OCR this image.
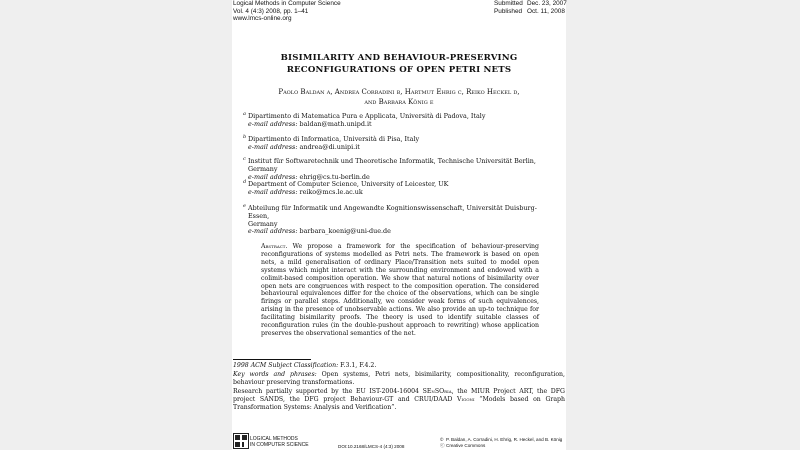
Logical Methods in Computer Science
Vol. 4 (4:3) 2008, pp. 1–41
www.lmcs-online.org
Submitted Dec. 23, 2007
Published Oct. 11, 2008
BISIMILARITY AND BEHAVIOUR-PRESERVING
RECONFIGURATIONS OF OPEN PETRI NETS
Paolo Baldan a, Andrea Corradini b, Hartmut Ehrig c, Reiko Heckel d,
and Barbara König e
a Dipartimento di Matematica Pura e Applicata, Università di Padova, Italy
e-mail address: baldan@math.unipd.it
b Dipartimento di Informatica, Università di Pisa, Italy
e-mail address: andrea@di.unipi.it
c Institut für Softwaretechnik und Theoretische Informatik, Technische Universität Berlin, Germany
e-mail address: ehrig@cs.tu-berlin.de
d Department of Computer Science, University of Leicester, UK
e-mail address: reiko@mcs.le.ac.uk
e Abteilung für Informatik und Angewandte Kognitionswissenschaft, Universität Duisburg-Essen,
Germany
e-mail address: barbara_koenig@uni-due.de
Abstract. We propose a framework for the specification of behaviour-preserving reconfigurations of systems modelled as Petri nets. The framework is based on open nets, a mild generalisation of ordinary Place/Transition nets suited to model open systems which might interact with the surrounding environment and endowed with a colimit-based composition operation. We show that natural notions of bisimilarity over open nets are congruences with respect to the composition operation. The considered behavioural equivalences differ for the choice of the observations, which can be single firings or parallel steps. Additionally, we consider weak forms of such equivalences, arising in the presence of unobservable actions. We also provide an up-to technique for facilitating bisimilarity proofs. The theory is used to identify suitable classes of reconfiguration rules (in the double-pushout approach to rewriting) whose application preserves the observational semantics of the net.
1998 ACM Subject Classification: F.3.1, F.4.2.
Key words and phrases: Open systems, Petri nets, bisimilarity, compositionality, reconfiguration, behaviour preserving transformations.
Research partially supported by the EU IST-2004-16004 SEnSOria, the MIUR Project ART, the DFG project SANDS, the DFG project Behaviour-GT and CRUI/DAAD Vigoni “Models based on Graph Transformation Systems: Analysis and Verification”.
LOGICAL METHODS
IN COMPUTER SCIENCE	DOI:10.2168/LMCS-4 (4:3) 2008
© P. Baldan, A. Corradini, H. Ehrig, R. Heckel, and B. König
ⓒCreative Commons
